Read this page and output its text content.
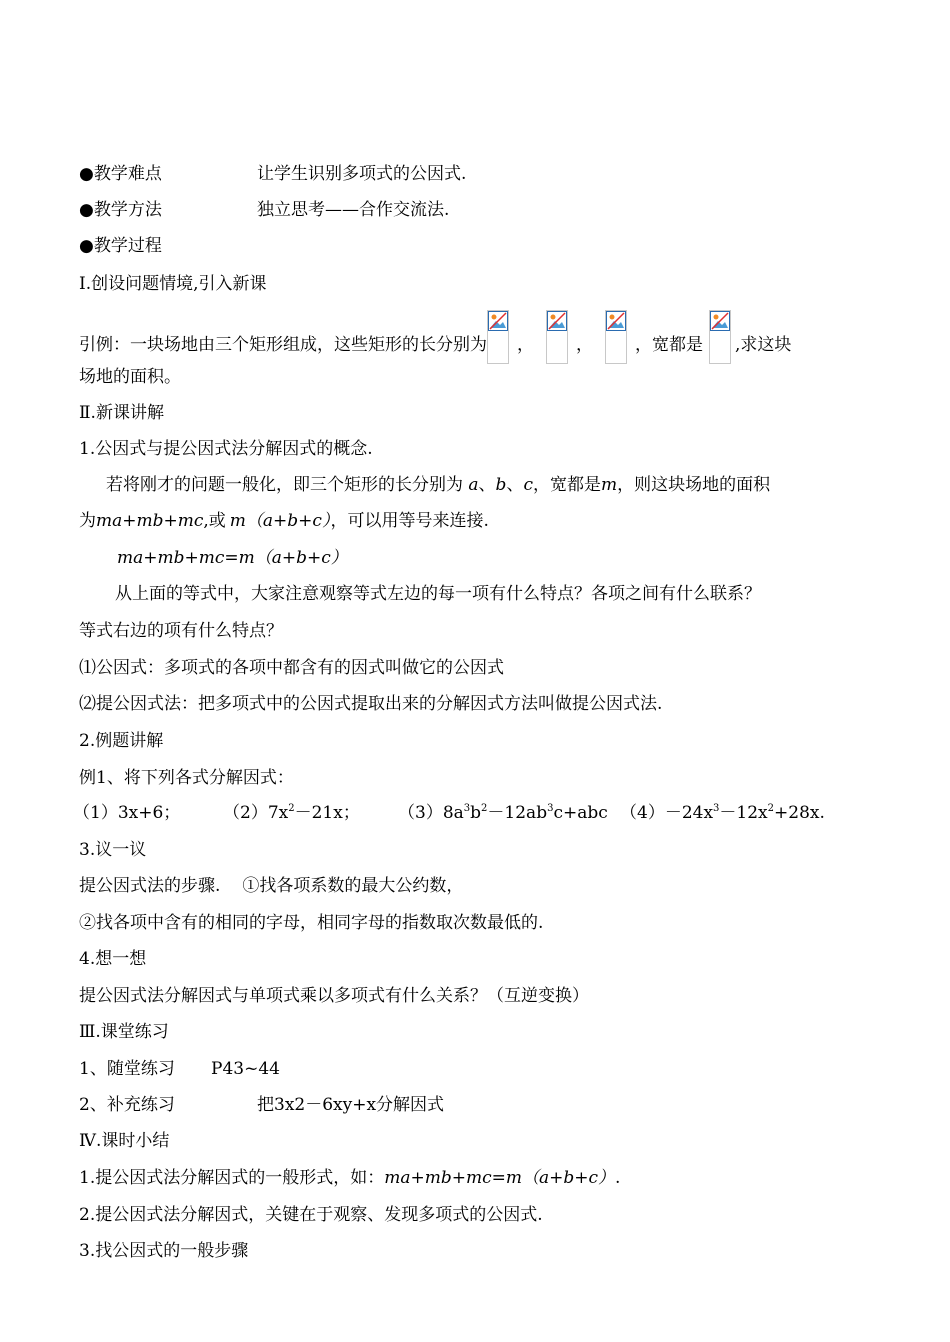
●教学难点	让学生识别多项式的公因式.
●教学方法	独立思考——合作交流法.
●教学过程
Ⅰ.创设问题情境,引入新课
引例：一块场地由三个矩形组成，这些矩形的长分别为 ， ， ，宽都是 ,求这块
场地的面积。
Ⅱ.新课讲解
1.公因式与提公因式法分解因式的概念.
若将刚才的问题一般化，即三个矩形的长分别为 a、b、c，宽都是m，则这块场地的面积
为ma+mb+mc,或 m（a+b+c），可以用等号来连接.
ma+mb+mc=m（a+b+c）
从上面的等式中，大家注意观察等式左边的每一项有什么特点？各项之间有什么联系？
等式右边的项有什么特点？
⑴公因式：多项式的各项中都含有的因式叫做它的公因式
⑵提公因式法：把多项式中的公因式提取出来的分解因式方法叫做提公因式法.
2.例题讲解
例1、将下列各式分解因式：
（1）3x+6；	$(2)7x^2-21x$； $(3)8a^3b^2-12ab^3c+abc$ $(4)-24x^3-12x^2+28x$.
3.议一议
提公因式法的步骤. ①找各项系数的最大公约数，
②找各项中含有的相同的字母，相同字母的指数取次数最低的.
4.想一想
提公因式法分解因式与单项式乘以多项式有什么关系？（互逆变换）
Ⅲ.课堂练习
1、随堂练习 P43~44
2、补充练习	把3x2－6xy+x分解因式
Ⅳ.课时小结
1.提公因式法分解因式的一般形式，如：ma+mb+mc=m（a+b+c）.
2.提公因式法分解因式，关键在于观察、发现多项式的公因式.
3.找公因式的一般步骤
